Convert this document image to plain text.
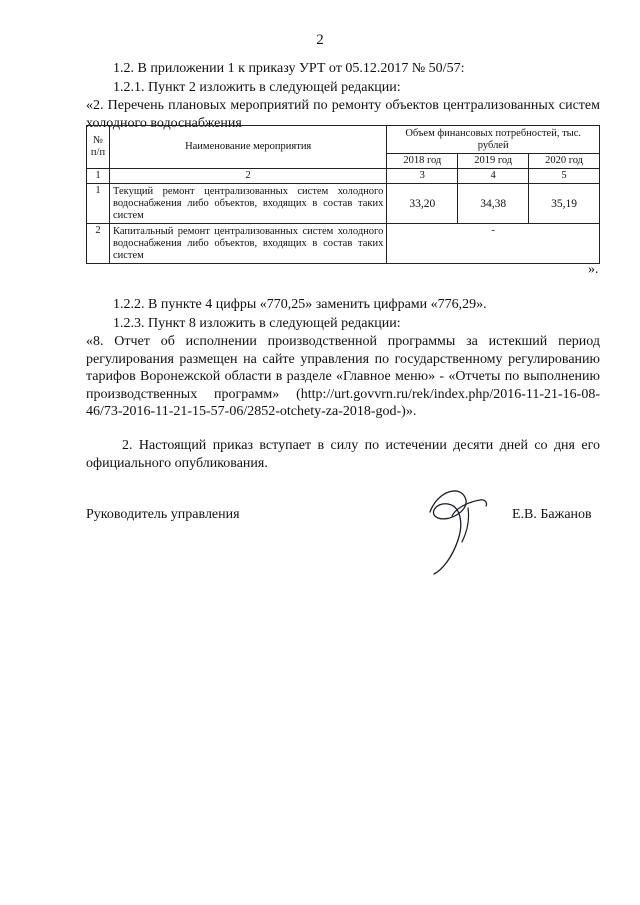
2
1.2. В приложении 1 к приказу УРТ от 05.12.2017 № 50/57:
1.2.1. Пункт 2 изложить в следующей редакции:
«2. Перечень плановых мероприятий по ремонту объектов централизованных систем холодного водоснабжения
№ п/п	Наименование мероприятия	Объем финансовых потребностей, тыс. рублей		
		2018 год	2019 год	2020 год
1	2	3	4	5
1	Текущий ремонт централизованных систем холодного водоснабжения либо объектов, входящих в состав таких систем	33,20	34,38	35,19
2	Капитальный ремонт централизованных систем холодного водоснабжения либо объектов, входящих в состав таких систем	-		
».
1.2.2. В пункте 4 цифры «770,25» заменить цифрами «776,29».
1.2.3. Пункт 8 изложить в следующей редакции:
«8. Отчет об исполнении производственной программы за истекший период регулирования размещен на сайте управления по государственному регулированию тарифов Воронежской области в разделе «Главное меню» - «Отчеты по выполнению производственных программ» (http://urt.govvrn.ru/rek/index.php/2016-11-21-16-08-46/73-2016-11-21-15-57-06/2852-otchety-za-2018-god-)».
2. Настоящий приказ вступает в силу по истечении десяти дней со дня его официального опубликования.
Руководитель управления	Е.В. Бажанов
